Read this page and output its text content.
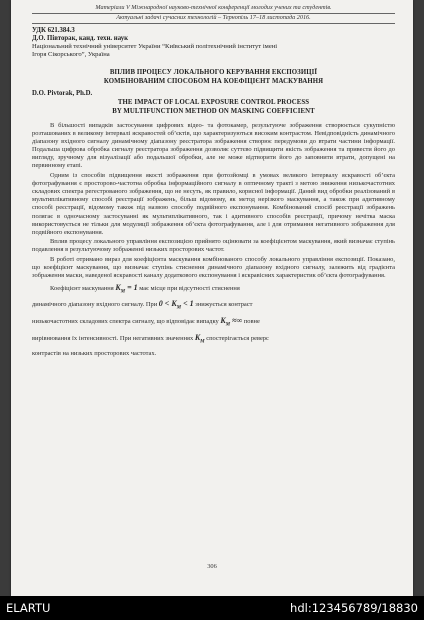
Матеріали V Міжнародної науково-технічної конференції молодих учених та студентів.
Актуальні задачі сучасних технологій – Тернопіль 17–18 листопада 2016.
УДК 621.384.3
Д.О. Півторак, канд. техн. наук
Національний технічний університет України “Київський політехнічний інститут імені
Ігоря Сікорського”, Україна
ВПЛИВ ПРОЦЕСУ ЛОКАЛЬНОГО КЕРУВАННЯ ЕКСПОЗИЦІЇ
КОМБІНОВАНИМ СПОСОБОМ НА КОЕФІЦІЄНТ МАСКУВАННЯ
D.O. Pivtorak, Ph.D.
THE IMPACT OF LOCAL EXPOSURE CONTROL PROCESS
BY MULTIFUNCTION METHOD ON MASKING COEFFICIENT

В більшості випадків застосування цифрових відео- та фотокамер, результуюче зображення створюється сукупністю розташованих в великому інтервалі яскравостей об’єктів, що характеризуються високим контрастом. Невідповідність динамічного діапазону вхідного сигналу динамічному діапазону реєстратора зображення створює передумови до втрати частини інформації. Подальша цифрова обробка сигналу реєстратора зображення дозволяє суттєво підвищити якість зображення та привести його до вигляду, зручному для візуалізації або подальшої обробки, але не може відтворити його до заповнити втрати, допущені на первинному етапі.

Одним із способів підвищення якості зображення при фотозйомці в умовах великого інтервалу яскравості об’єкта фотографування є просторово-частотна обробка інформаційного сигналу в оптичному тракті з метою зниження низькочастотних складових спектра регестрованого зображення, що не несуть, як правило, корисної інформації. Даний вид обробки реалізований в мультиплікативному способі реєстрації зображень, більш відомому, як метод нерізкого маскування, а також при адитивному способі реєстрації, відомому також під назвою способу подвійного експонування. Комбінований спосіб реєстрації зображень полягає в одночасному застосуванні як мультиплікативного, так і адитивного способів реєстрації, причому нечітка маска використовується не тільки для модуляції зображення об’єкта фотографування, але і для отримання негативного зображення для подвійного експонування.

Вплив процесу локального управління експозицією прийнято оцінювати за коефіцієнтом маскування, який визначає ступінь подавлення в результуючому зображенні низьких просторових частот.

В роботі отримано вираз для коефіцієнта маскування комбінованого способу локального управління експозиції. Показано, що коефіцієнт маскування, що визначає ступінь стиснення динамічного діапазону вхідного сигналу, залежить від градієнта зображення маски, наведеної яскравості каналу додаткового експонування і яскравісних характеристик об’єкта фотографування.

Коефіцієнт маскування $K_M = 1$ має місце при відсутності стиснення
динамічного діапазону вхідного сигналу. При $0 < K_M < 1$ знижується контраст
низькочастотних складових спектра сигналу, що відповідає випадку $K_M$ ≈∞ повне
вирівнювання їх інтенсивності. При негативних значеннях $K_M$ спостерігається реверс
контрастів на низьких просторових частотах.
306
ELARTU	hdl:123456789/18830
